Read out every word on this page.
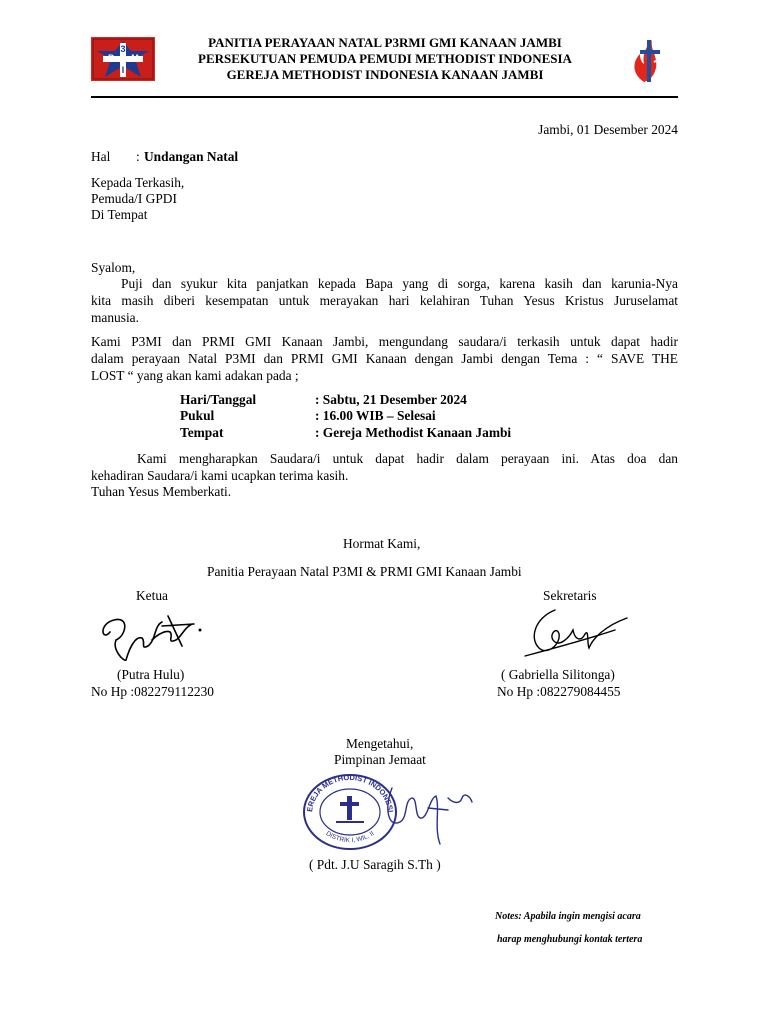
3
P M
I
PANITIA PERAYAAN NATAL P3RMI GMI KANAAN JAMBI
PERSEKUTUAN PEMUDA PEMUDI METHODIST INDONESIA
GEREJA METHODIST INDONESIA KANAAN JAMBI
Jambi, 01 Desember 2024
Hal : Undangan Natal
Kepada Terkasih,
Pemuda/I GPDI
Di Tempat
Syalom,
Puji dan syukur kita panjatkan kepada Bapa yang di sorga, karena kasih dan karunia-Nya
kita masih diberi kesempatan untuk merayakan hari kelahiran Tuhan Yesus Kristus Juruselamat
manusia.
Kami P3MI dan PRMI GMI Kanaan Jambi, mengundang saudara/i terkasih untuk dapat hadir
dalam perayaan Natal P3MI dan PRMI GMI Kanaan dengan Jambi dengan Tema : “ SAVE THE
LOST “ yang akan kami adakan pada ;
Hari/Tanggal	: Sabtu, 21 Desember 2024
Pukul	: 16.00 WIB – Selesai
Tempat	: Gereja Methodist Kanaan Jambi
Kami mengharapkan Saudara/i untuk dapat hadir dalam perayaan ini. Atas doa dan
kehadiran Saudara/i kami ucapkan terima kasih.
Tuhan Yesus Memberkati.
Hormat Kami,
Panitia Perayaan Natal P3MI & PRMI GMI Kanaan Jambi
Ketua	Sekretaris
(Putra Hulu)
No Hp :082279112230
( Gabriella Silitonga)
No Hp :082279084455
Mengetahui,
Pimpinan Jemaat
EREJA METHODIST INDONESI
DISTRIK I, WIL. II
( Pdt. J.U Saragih S.Th )
Notes: Apabila ingin mengisi acara
harap menghubungi kontak tertera
